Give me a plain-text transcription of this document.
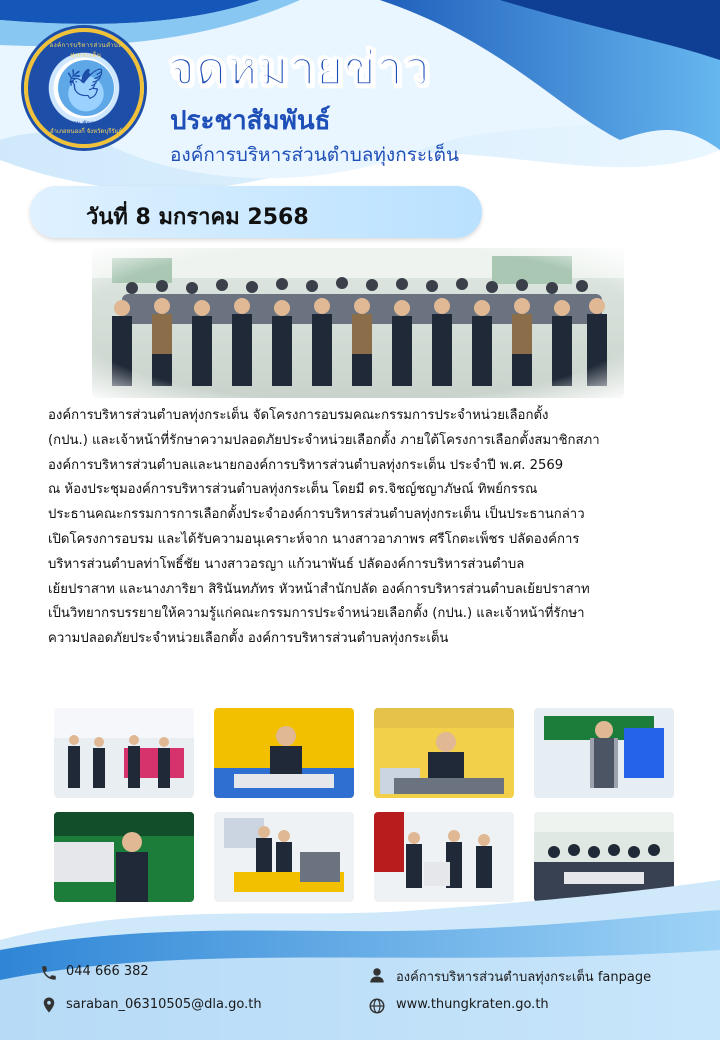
องค์การบริหารส่วนตำบลทุ่งกระเต็น
🕊
คุณธรรม พัฒนา ยั่งยืน
อำเภอหนองกี่ จังหวัดบุรีรัมย์
จดหมายข่าว
ประชาสัมพันธ์
องค์การบริหารส่วนตำบลทุ่งกระเต็น
วันที่ 8 มกราคม 2568
องค์การบริหารส่วนตำบลทุ่งกระเต็น จัดโครงการอบรมคณะกรรมการประจำหน่วยเลือกตั้ง
(กปน.) และเจ้าหน้าที่รักษาความปลอดภัยประจำหน่วยเลือกตั้ง ภายใต้โครงการเลือกตั้งสมาชิกสภา
องค์การบริหารส่วนตำบลและนายกองค์การบริหารส่วนตำบลทุ่งกระเต็น ประจำปี พ.ศ. 2569
ณ ห้องประชุมองค์การบริหารส่วนตำบลทุ่งกระเต็น โดยมี ดร.จิชญ์ชญาภัษณ์ ทิพย์กรรณ
ประธานคณะกรรมการการเลือกตั้งประจำองค์การบริหารส่วนตำบลทุ่งกระเต็น เป็นประธานกล่าว
เปิดโครงการอบรม และได้รับความอนุเคราะห์จาก นางสาวอาภาพร ศรีโกตะเพ็ชร ปลัดองค์การ
บริหารส่วนตำบลท่าโพธิ์ชัย นางสาวอรญา แก้วนาพันธ์ ปลัดองค์การบริหารส่วนตำบล
เย้ยปราสาท และนางภาริยา สิรินันทภัทร หัวหน้าสำนักปลัด องค์การบริหารส่วนตำบลเย้ยปราสาท
เป็นวิทยากรบรรยายให้ความรู้แก่คณะกรรมการประจำหน่วยเลือกตั้ง (กปน.) และเจ้าหน้าที่รักษา
ความปลอดภัยประจำหน่วยเลือกตั้ง องค์การบริหารส่วนตำบลทุ่งกระเต็น
044 666 382
saraban_06310505@dla.go.th
องค์การบริหารส่วนตำบลทุ่งกระเต็น fanpage
www.thungkraten.go.th
